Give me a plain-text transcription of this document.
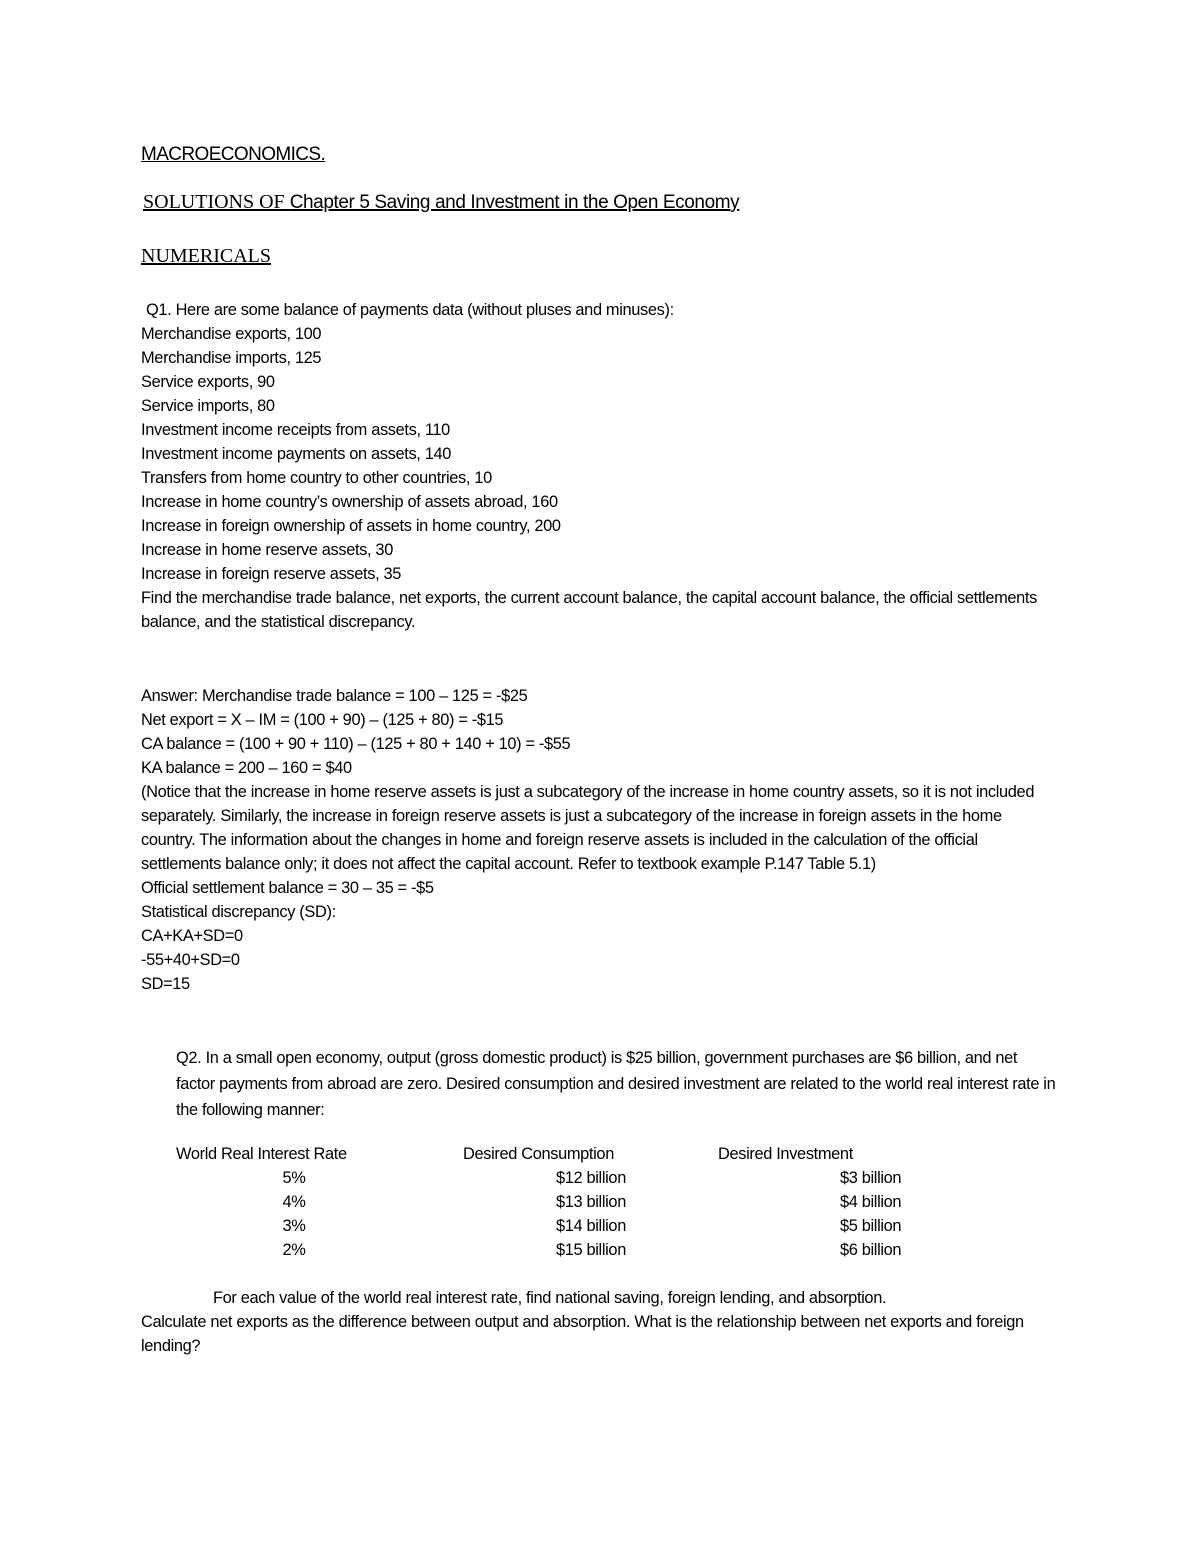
MACROECONOMICS.
SOLUTIONS OF Chapter 5 Saving and Investment in the Open Economy
NUMERICALS

Q1. Here are some balance of payments data (without pluses and minuses):

Merchandise exports, 100

Merchandise imports, 125

Service exports, 90

Service imports, 80

Investment income receipts from assets, 110

Investment income payments on assets, 140

Transfers from home country to other countries, 10

Increase in home country’s ownership of assets abroad, 160

Increase in foreign ownership of assets in home country, 200

Increase in home reserve assets, 30

Increase in foreign reserve assets, 35

Find the merchandise trade balance, net exports, the current account balance, the capital account balance, the official settlements balance, and the statistical discrepancy.

Answer: Merchandise trade balance = 100 – 125 = -$25

Net export = X – IM = (100 + 90) – (125 + 80) = -$15

CA balance = (100 + 90 + 110) – (125 + 80 + 140 + 10) = -$55

KA balance = 200 – 160 = $40

(Notice that the increase in home reserve assets is just a subcategory of the increase in home country assets, so it is not included separately. Similarly, the increase in foreign reserve assets is just a subcategory of the increase in foreign assets in the home country. The information about the changes in home and foreign reserve assets is included in the calculation of the official settlements balance only; it does not affect the capital account. Refer to textbook example P.147 Table 5.1)

Official settlement balance = 30 – 35 = -$5

Statistical discrepancy (SD):

CA+KA+SD=0

-55+40+SD=0

SD=15

Q2. In a small open economy, output (gross domestic product) is $25 billion, government purchases are $6 billion, and net factor payments from abroad are zero. Desired consumption and desired investment are related to the world real interest rate in the following manner:
World Real Interest Rate	Desired Consumption	Desired Investment
5%	$12 billion	$3 billion
4%	$13 billion	$4 billion
3%	$14 billion	$5 billion
2%	$15 billion	$6 billion

For each value of the world real interest rate, find national saving, foreign lending, and absorption.

Calculate net exports as the difference between output and absorption. What is the relationship between net exports and foreign lending?
